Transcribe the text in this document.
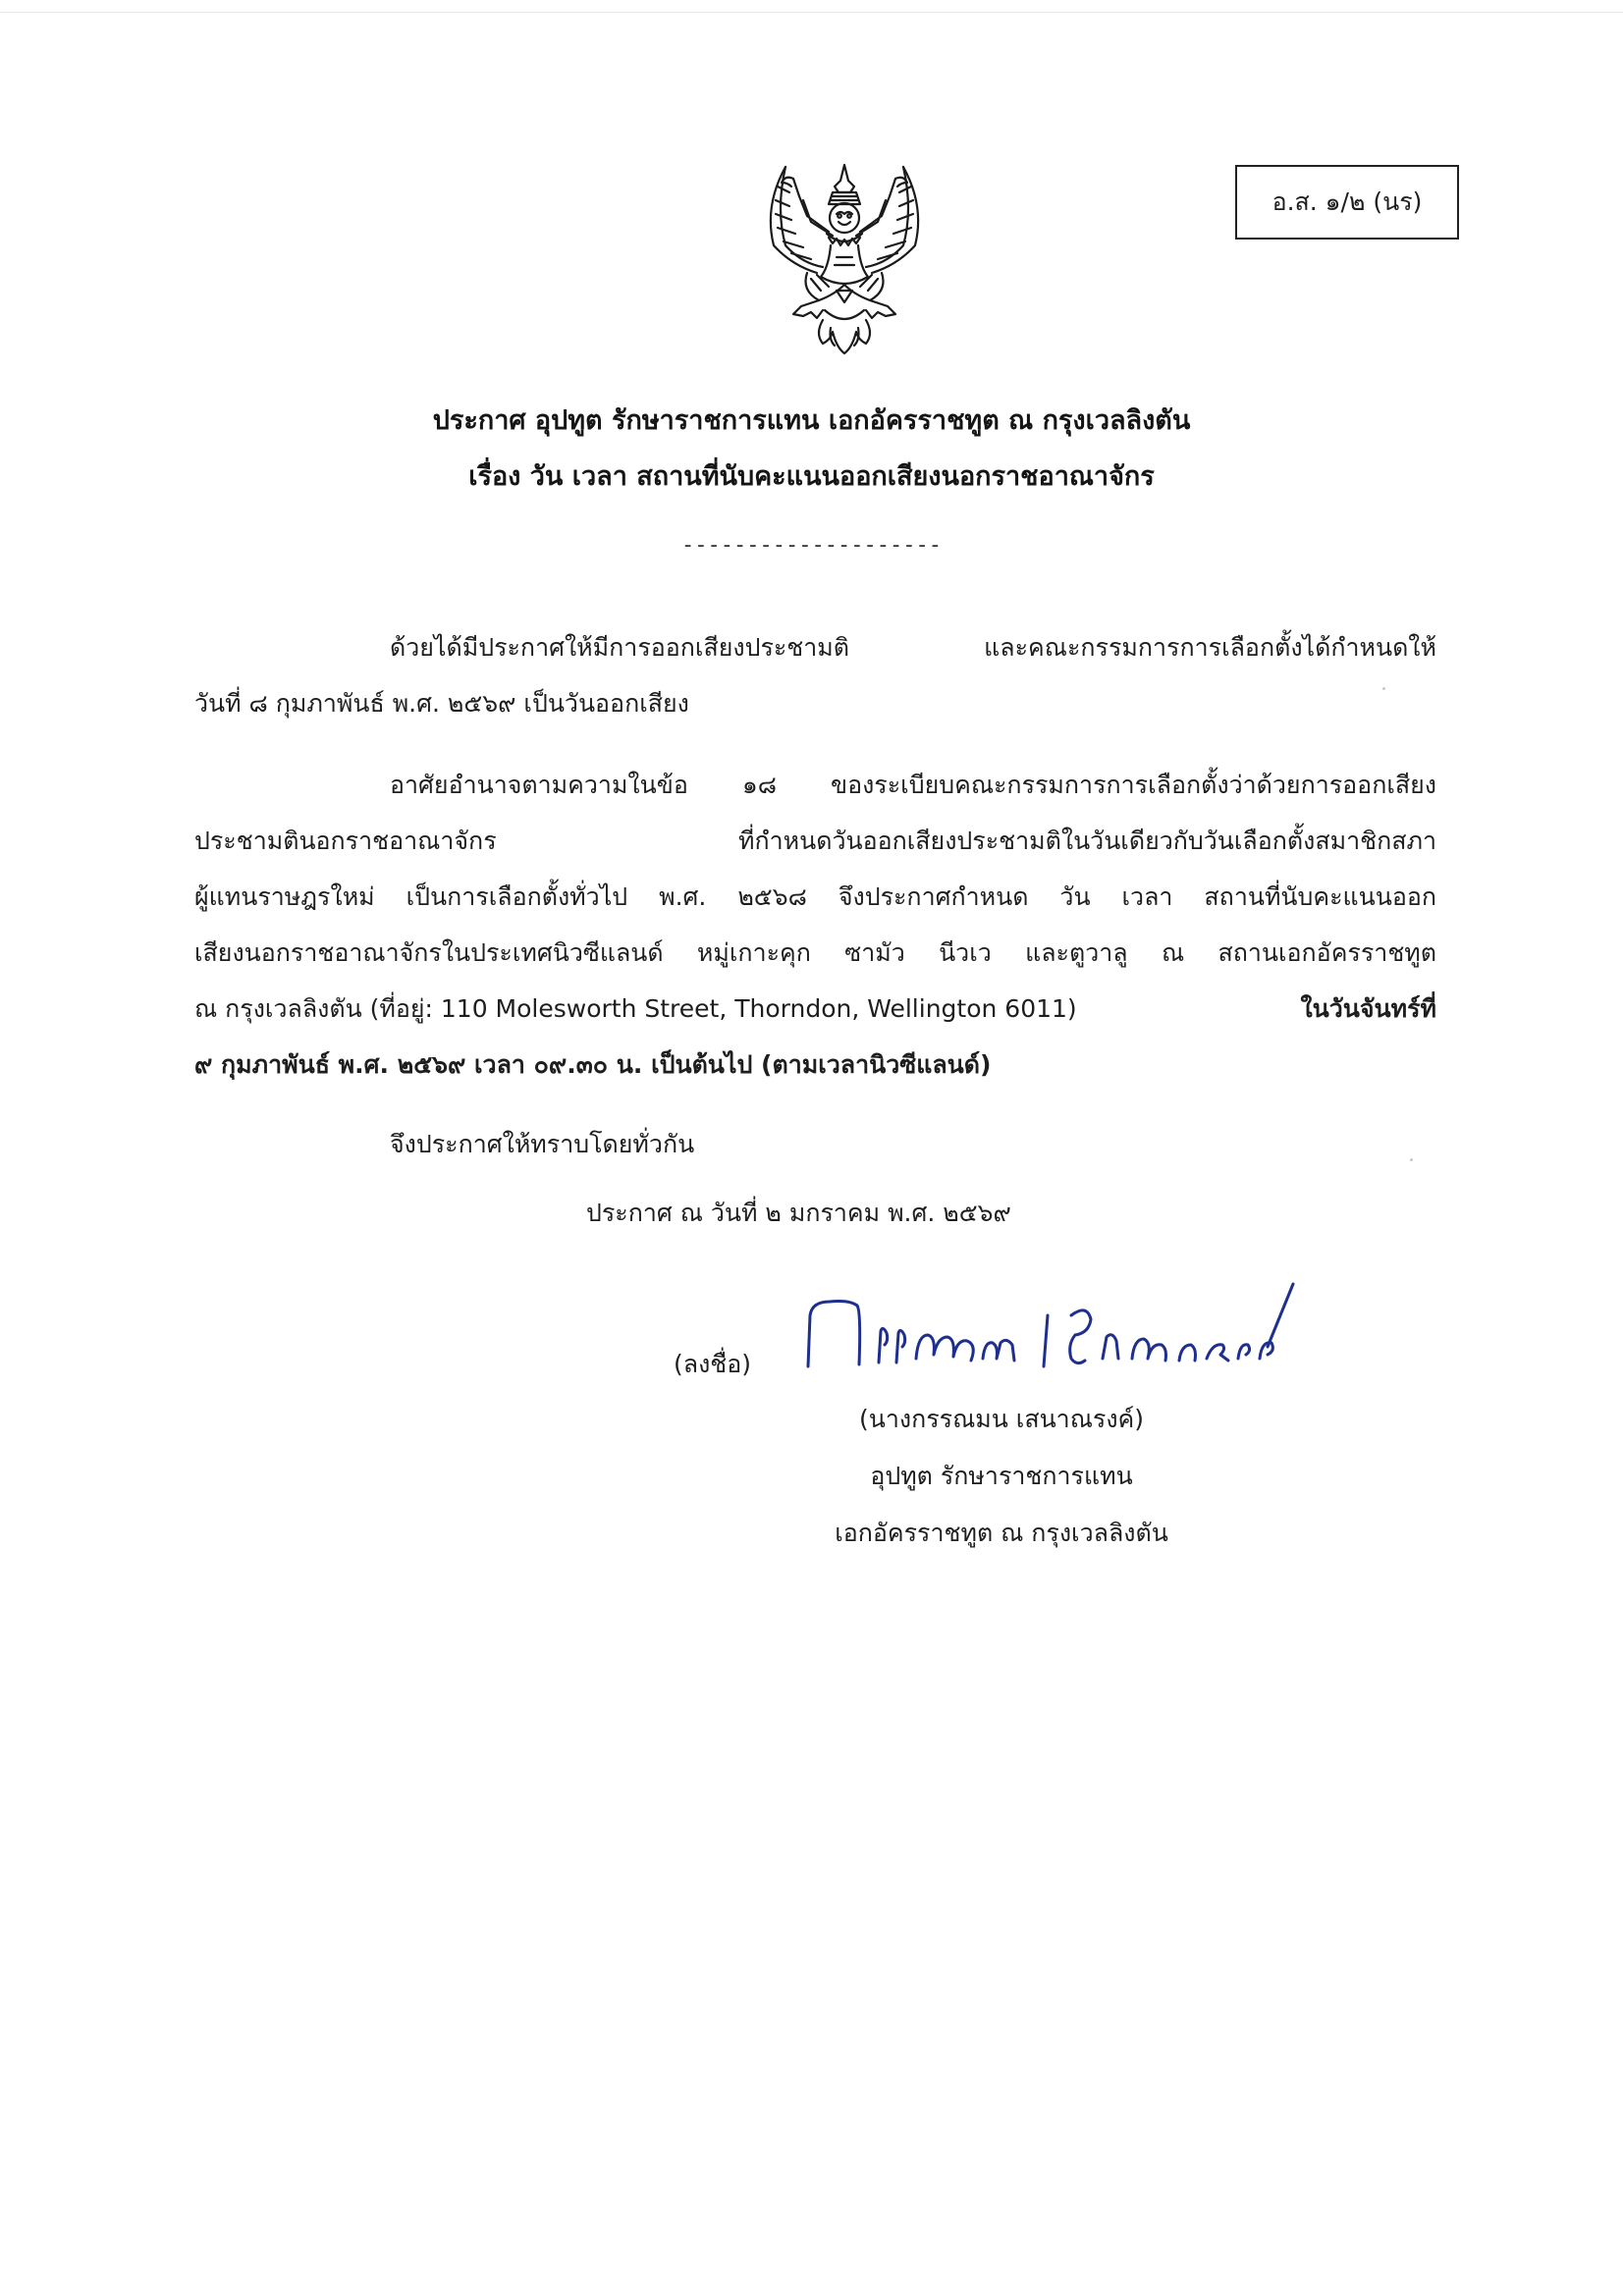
อ.ส. ๑/๒ (นร)
ประกาศ อุปทูต รักษาราชการแทน เอกอัครราชทูต ณ กรุงเวลลิงตัน
เรื่อง วัน เวลา สถานที่นับคะแนนออกเสียงนอกราชอาณาจักร
--------------------
ด้วยได้มีประกาศให้มีการออกเสียงประชามติ และคณะกรรมการการเลือกตั้งได้กำหนดให้
วันที่ ๘ กุมภาพันธ์ พ.ศ. ๒๕๖๙ เป็นวันออกเสียง
อาศัยอำนาจตามความในข้อ ๑๘ ของระเบียบคณะกรรมการการเลือกตั้งว่าด้วยการออกเสียง
ประชามตินอกราชอาณาจักร ที่กำหนดวันออกเสียงประชามติในวันเดียวกับวันเลือกตั้งสมาชิกสภา
ผู้แทนราษฎรใหม่ เป็นการเลือกตั้งทั่วไป พ.ศ. ๒๕๖๘ จึงประกาศกำหนด วัน เวลา สถานที่นับคะแนนออก
เสียงนอกราชอาณาจักรในประเทศนิวซีแลนด์ หมู่เกาะคุก ซามัว นีวเว และตูวาลู ณ สถานเอกอัครราชทูต
ณ กรุงเวลลิงตัน (ที่อยู่: 110 Molesworth Street, Thorndon, Wellington 6011)	ในวันจันทร์ที่
๙ กุมภาพันธ์ พ.ศ. ๒๕๖๙ เวลา ๐๙.๓๐ น. เป็นต้นไป (ตามเวลานิวซีแลนด์)
จึงประกาศให้ทราบโดยทั่วกัน
ประกาศ ณ วันที่ ๒ มกราคม พ.ศ. ๒๕๖๙
(ลงชื่อ)
(นางกรรณมน เสนาณรงค์)
อุปทูต รักษาราชการแทน
เอกอัครราชทูต ณ กรุงเวลลิงตัน
